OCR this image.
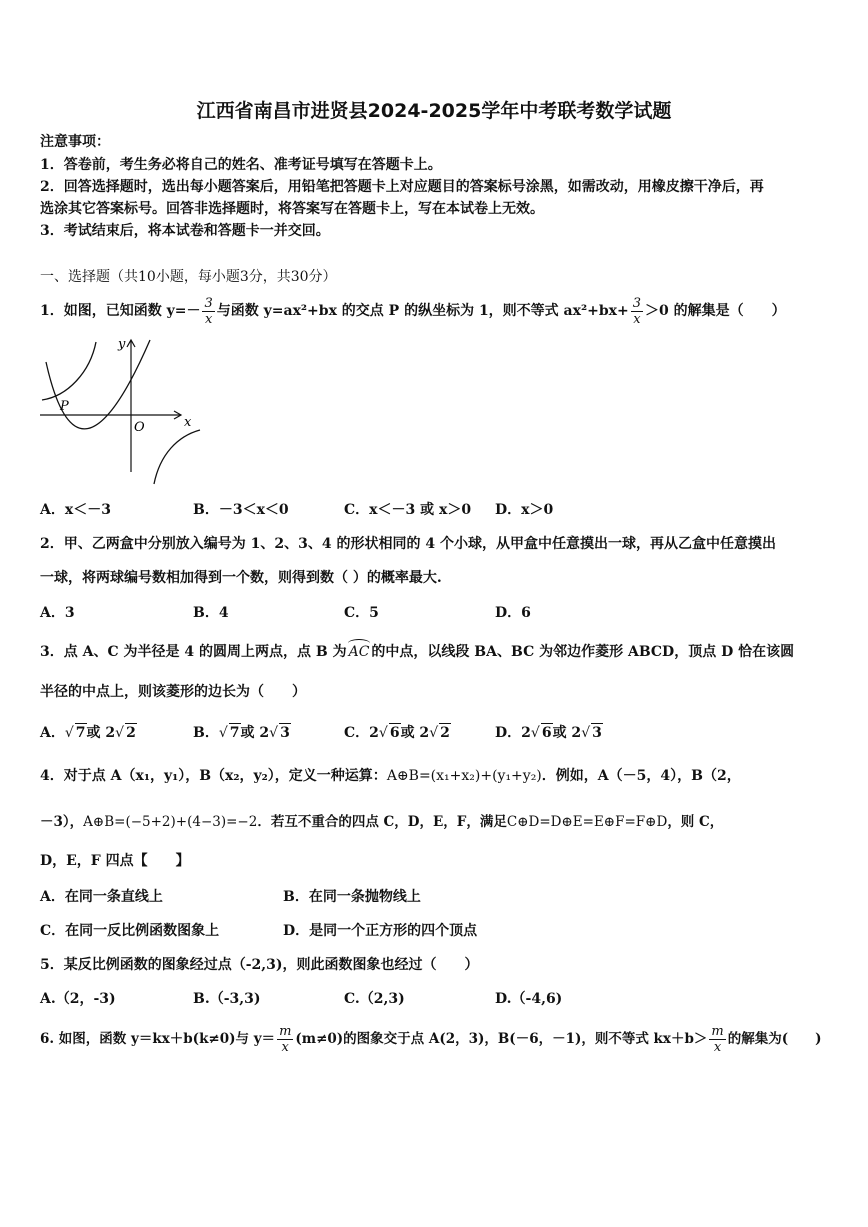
江西省南昌市进贤县2024-2025学年中考联考数学试题
注意事项：
1．答卷前，考生务必将自己的姓名、准考证号填写在答题卡上。
2．回答选择题时，选出每小题答案后，用铅笔把答题卡上对应题目的答案标号涂黑，如需改动，用橡皮擦干净后，再
选涂其它答案标号。回答非选择题时，将答案写在答题卡上，写在本试卷上无效。
3．考试结束后，将本试卷和答题卡一并交回。
一、选择题（共10小题，每小题3分，共30分）
1．如图，已知函数 $y=- \frac{3}{x}$ 与函数 y=ax²+bx 的交点 P 的纵坐标为 1，则不等式 $ax^2+bx+ \frac{3}{x} >0$ 的解集是（　　）
y
x
P
O
A．x＜－3	B．－3＜x＜0	C．x＜－3 或 x＞0 D．x＞0
2．甲、乙两盒中分别放入编号为 1、2、3、4 的形状相同的 4 个小球，从甲盒中任意摸出一球，再从乙盒中任意摸出
一球，将两球编号数相加得到一个数，则得到数（ ）的概率最大.
A．3	B．4	C．5	D．6
3．点 A、C 为半径是 4 的圆周上两点，点 B 为 AC 的中点，以线段 BA、BC 为邻边作菱形 ABCD，顶点 D 恰在该圆
半径的中点上，则该菱形的边长为（　　）
A．√ 7或 2√ 2	B．√ 7或 2√ 3	C．2√ 6或 2√ 2	D．2√ 6或 2√ 3
4．对于点 A（x₁，y₁），B（x₂，y₂），定义一种运算：A⊕B=(x₁+x₂)+(y₁+y₂)．例如，A（－5，4），B（2，
－3），A⊕B=(−5+2)+(4−3)=−2．若互不重合的四点 C，D，E，F，满足C⊕D=D⊕E=E⊕F=F⊕D，则 C，
D，E，F 四点【　　】
A．在同一条直线上	B．在同一条抛物线上
C．在同一反比例函数图象上	D．是同一个正方形的四个顶点
5．某反比例函数的图象经过点（-2,3)，则此函数图象也经过（　　）
A.（2，-3)	B.（-3,3)	C.（2,3)	D.（-4,6)
6. 如图，函数 y＝kx＋b(k≠0)与 $y= \frac{m}{x} (m\ne 0)$的图象交于点 A(2，3)，B(－6，－1)，则不等式 $kx+b> \frac{m}{x}$ 的解集为(　　)
